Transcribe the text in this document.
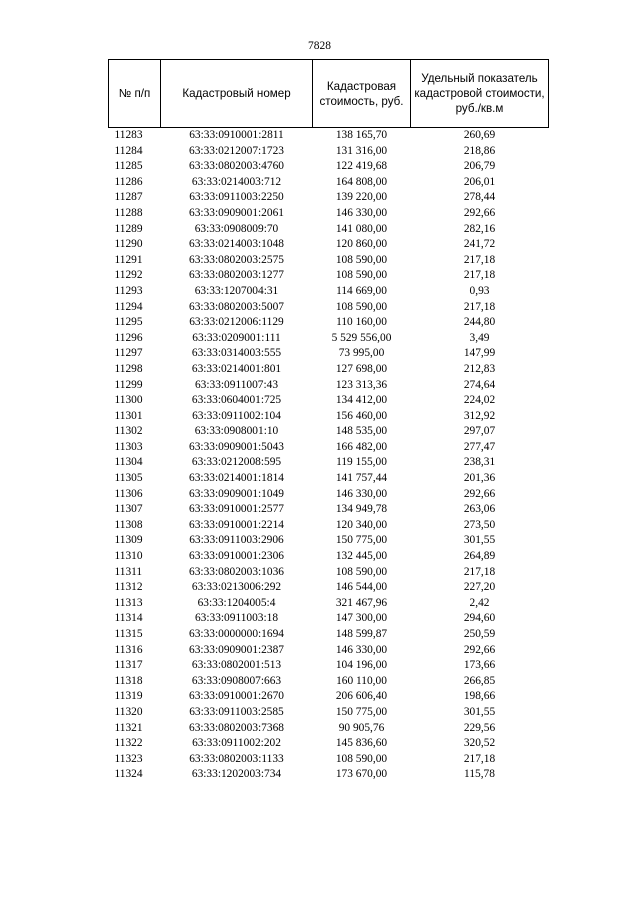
7828
№ п/п	Кадастровый номер	Кадастровая стоимость, руб.	Удельный показатель кадастровой стоимости, руб./кв.м
11283	63:33:0910001:2811	138 165,70	260,69
11284	63:33:0212007:1723	131 316,00	218,86
11285	63:33:0802003:4760	122 419,68	206,79
11286	63:33:0214003:712	164 808,00	206,01
11287	63:33:0911003:2250	139 220,00	278,44
11288	63:33:0909001:2061	146 330,00	292,66
11289	63:33:0908009:70	141 080,00	282,16
11290	63:33:0214003:1048	120 860,00	241,72
11291	63:33:0802003:2575	108 590,00	217,18
11292	63:33:0802003:1277	108 590,00	217,18
11293	63:33:1207004:31	114 669,00	0,93
11294	63:33:0802003:5007	108 590,00	217,18
11295	63:33:0212006:1129	110 160,00	244,80
11296	63:33:0209001:111	5 529 556,00	3,49
11297	63:33:0314003:555	73 995,00	147,99
11298	63:33:0214001:801	127 698,00	212,83
11299	63:33:0911007:43	123 313,36	274,64
11300	63:33:0604001:725	134 412,00	224,02
11301	63:33:0911002:104	156 460,00	312,92
11302	63:33:0908001:10	148 535,00	297,07
11303	63:33:0909001:5043	166 482,00	277,47
11304	63:33:0212008:595	119 155,00	238,31
11305	63:33:0214001:1814	141 757,44	201,36
11306	63:33:0909001:1049	146 330,00	292,66
11307	63:33:0910001:2577	134 949,78	263,06
11308	63:33:0910001:2214	120 340,00	273,50
11309	63:33:0911003:2906	150 775,00	301,55
11310	63:33:0910001:2306	132 445,00	264,89
11311	63:33:0802003:1036	108 590,00	217,18
11312	63:33:0213006:292	146 544,00	227,20
11313	63:33:1204005:4	321 467,96	2,42
11314	63:33:0911003:18	147 300,00	294,60
11315	63:33:0000000:1694	148 599,87	250,59
11316	63:33:0909001:2387	146 330,00	292,66
11317	63:33:0802001:513	104 196,00	173,66
11318	63:33:0908007:663	160 110,00	266,85
11319	63:33:0910001:2670	206 606,40	198,66
11320	63:33:0911003:2585	150 775,00	301,55
11321	63:33:0802003:7368	90 905,76	229,56
11322	63:33:0911002:202	145 836,60	320,52
11323	63:33:0802003:1133	108 590,00	217,18
11324	63:33:1202003:734	173 670,00	115,78
